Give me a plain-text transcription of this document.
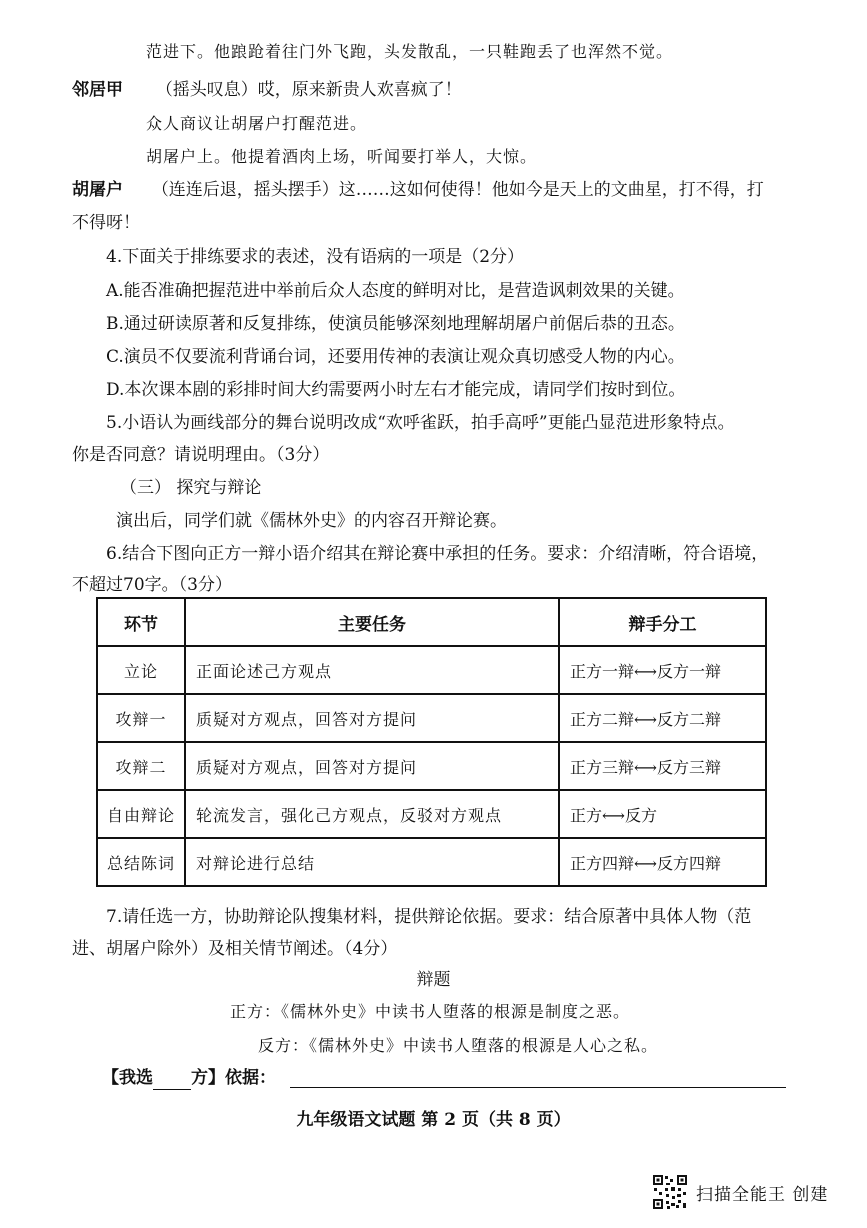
范进下。他踉跄着往门外飞跑，头发散乱，一只鞋跑丢了也浑然不觉。
邻居甲 （摇头叹息）哎，原来新贵人欢喜疯了！
众人商议让胡屠户打醒范进。
胡屠户上。他提着酒肉上场，听闻要打举人，大惊。
胡屠户 （连连后退，摇头摆手）这……这如何使得！他如今是天上的文曲星，打不得，打
不得呀！
4.下面关于排练要求的表述，没有语病的一项是（2分）
A.能否准确把握范进中举前后众人态度的鲜明对比，是营造讽刺效果的关键。
B.通过研读原著和反复排练，使演员能够深刻地理解胡屠户前倨后恭的丑态。
C.演员不仅要流利背诵台词，还要用传神的表演让观众真切感受人物的内心。
D.本次课本剧的彩排时间大约需要两小时左右才能完成，请同学们按时到位。
5.小语认为画线部分的舞台说明改成“欢呼雀跃，拍手高呼”更能凸显范进形象特点。
你是否同意？请说明理由。（3分）
（三） 探究与辩论
演出后，同学们就《儒林外史》的内容召开辩论赛。
6.结合下图向正方一辩小语介绍其在辩论赛中承担的任务。要求：介绍清晰，符合语境，
不超过70字。（3分）
环节	主要任务	辩手分工
立论	正面论述己方观点	正方一辩⟷反方一辩
攻辩一	质疑对方观点，回答对方提问	正方二辩⟷反方二辩
攻辩二	质疑对方观点，回答对方提问	正方三辩⟷反方三辩
自由辩论	轮流发言，强化己方观点，反驳对方观点	正方⟷反方
总结陈词	对辩论进行总结	正方四辩⟷反方四辩
7.请任选一方，协助辩论队搜集材料，提供辩论依据。要求：结合原著中具体人物（范
进、胡屠户除外）及相关情节阐述。（4分）
辩题
正方：《儒林外史》中读书人堕落的根源是制度之恶。
反方：《儒林外史》中读书人堕落的根源是人心之私。
【我选 方】依据：
九年级语文试题 第 2 页（共 8 页）
扫描全能王 创建
